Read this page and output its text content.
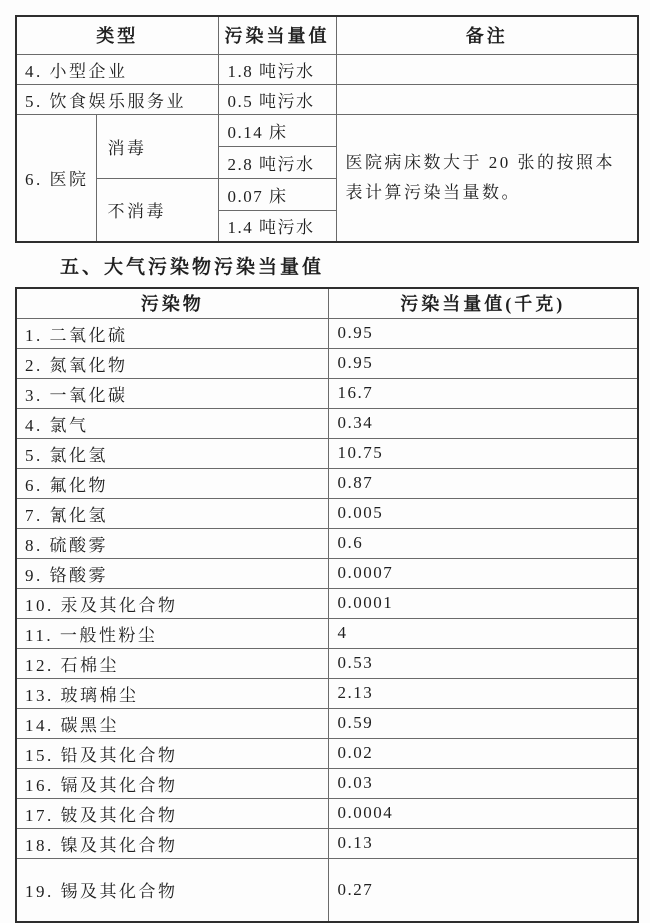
类型		污染当量值	备注
4. 小型企业		1.8 吨污水	
5. 饮食娱乐服务业		0.5 吨污水	
6. 医院	消毒	0.14 床	医院病床数大于 20 张的按照本表计算污染当量数。
		2.8 吨污水	
	不消毒	0.07 床	
		1.4 吨污水	
五、大气污染物污染当量值
污染物	污染当量值(千克)
1. 二氧化硫	0.95
2. 氮氧化物	0.95
3. 一氧化碳	16.7
4. 氯气	0.34
5. 氯化氢	10.75
6. 氟化物	0.87
7. 氰化氢	0.005
8. 硫酸雾	0.6
9. 铬酸雾	0.0007
10. 汞及其化合物	0.0001
11. 一般性粉尘	4
12. 石棉尘	0.53
13. 玻璃棉尘	2.13
14. 碳黑尘	0.59
15. 铅及其化合物	0.02
16. 镉及其化合物	0.03
17. 铍及其化合物	0.0004
18. 镍及其化合物	0.13
19. 锡及其化合物	0.27
